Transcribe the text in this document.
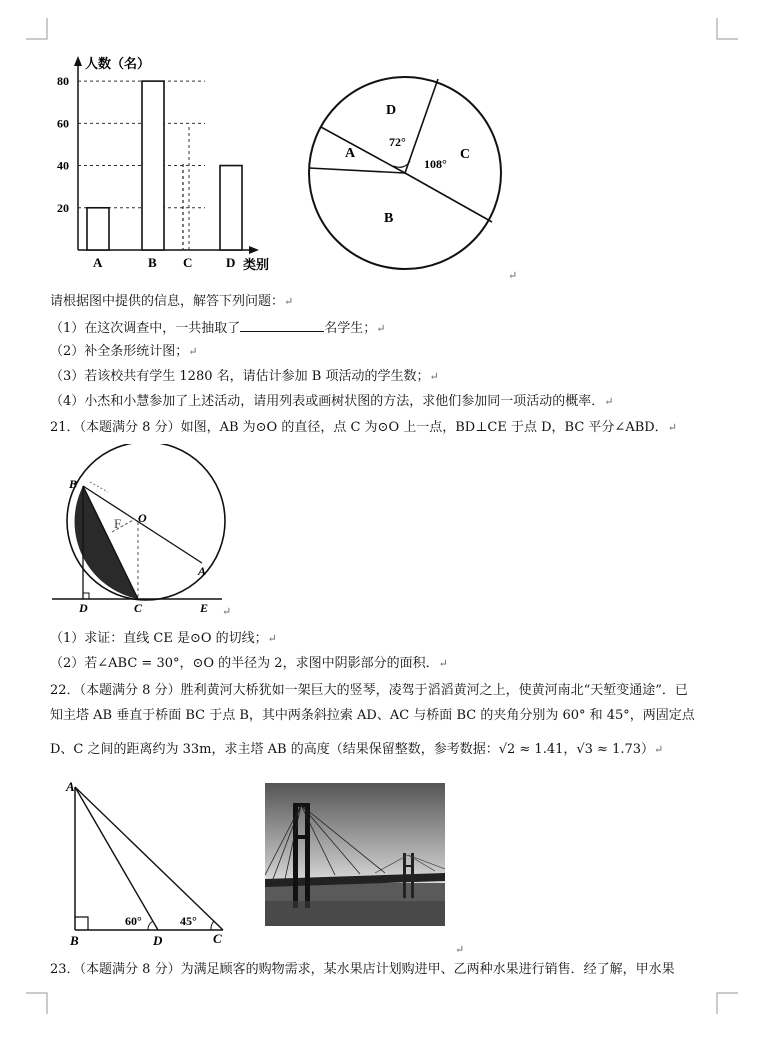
人数（名）
类别
80
60
40
20
A	B C	D
D
A	C
B
72°
108°
↵
请根据图中提供的信息，解答下列问题：↵
（1）在这次调查中，一共抽取了	名学生；↵
（2）补全条形统计图；↵
（3）若该校共有学生 1280 名，请估计参加 B 项活动的学生数；↵
（4）小杰和小慧参加了上述活动，请用列表或画树状图的方法，求他们参加同一项活动的概率．↵
21．（本题满分 8 分）如图，AB 为⊙O 的直径，点 C 为⊙O 上一点，BD⊥CE 于点 D，BC 平分∠ABD．↵
B
O
F
A
D	C	E ↵
（1）求证：直线 CE 是⊙O 的切线；↵
（2）若∠ABC = 30°，⊙O 的半径为 2，求图中阴影部分的面积．↵
22．（本题满分 8 分）胜利黄河大桥犹如一架巨大的竖琴，凌驾于滔滔黄河之上，使黄河南北“天堑变通途”．已
知主塔 AB 垂直于桥面 BC 于点 B，其中两条斜拉索 AD、AC 与桥面 BC 的夹角分别为 60° 和 45°，两固定点
D、C 之间的距离约为 33m，求主塔 AB 的高度（结果保留整数，参考数据：√2 ≈ 1.41，√3 ≈ 1.73）↵
A
B	D	C
60°	45°
↵
23．（本题满分 8 分）为满足顾客的购物需求，某水果店计划购进甲、乙两种水果进行销售．经了解，甲水果
